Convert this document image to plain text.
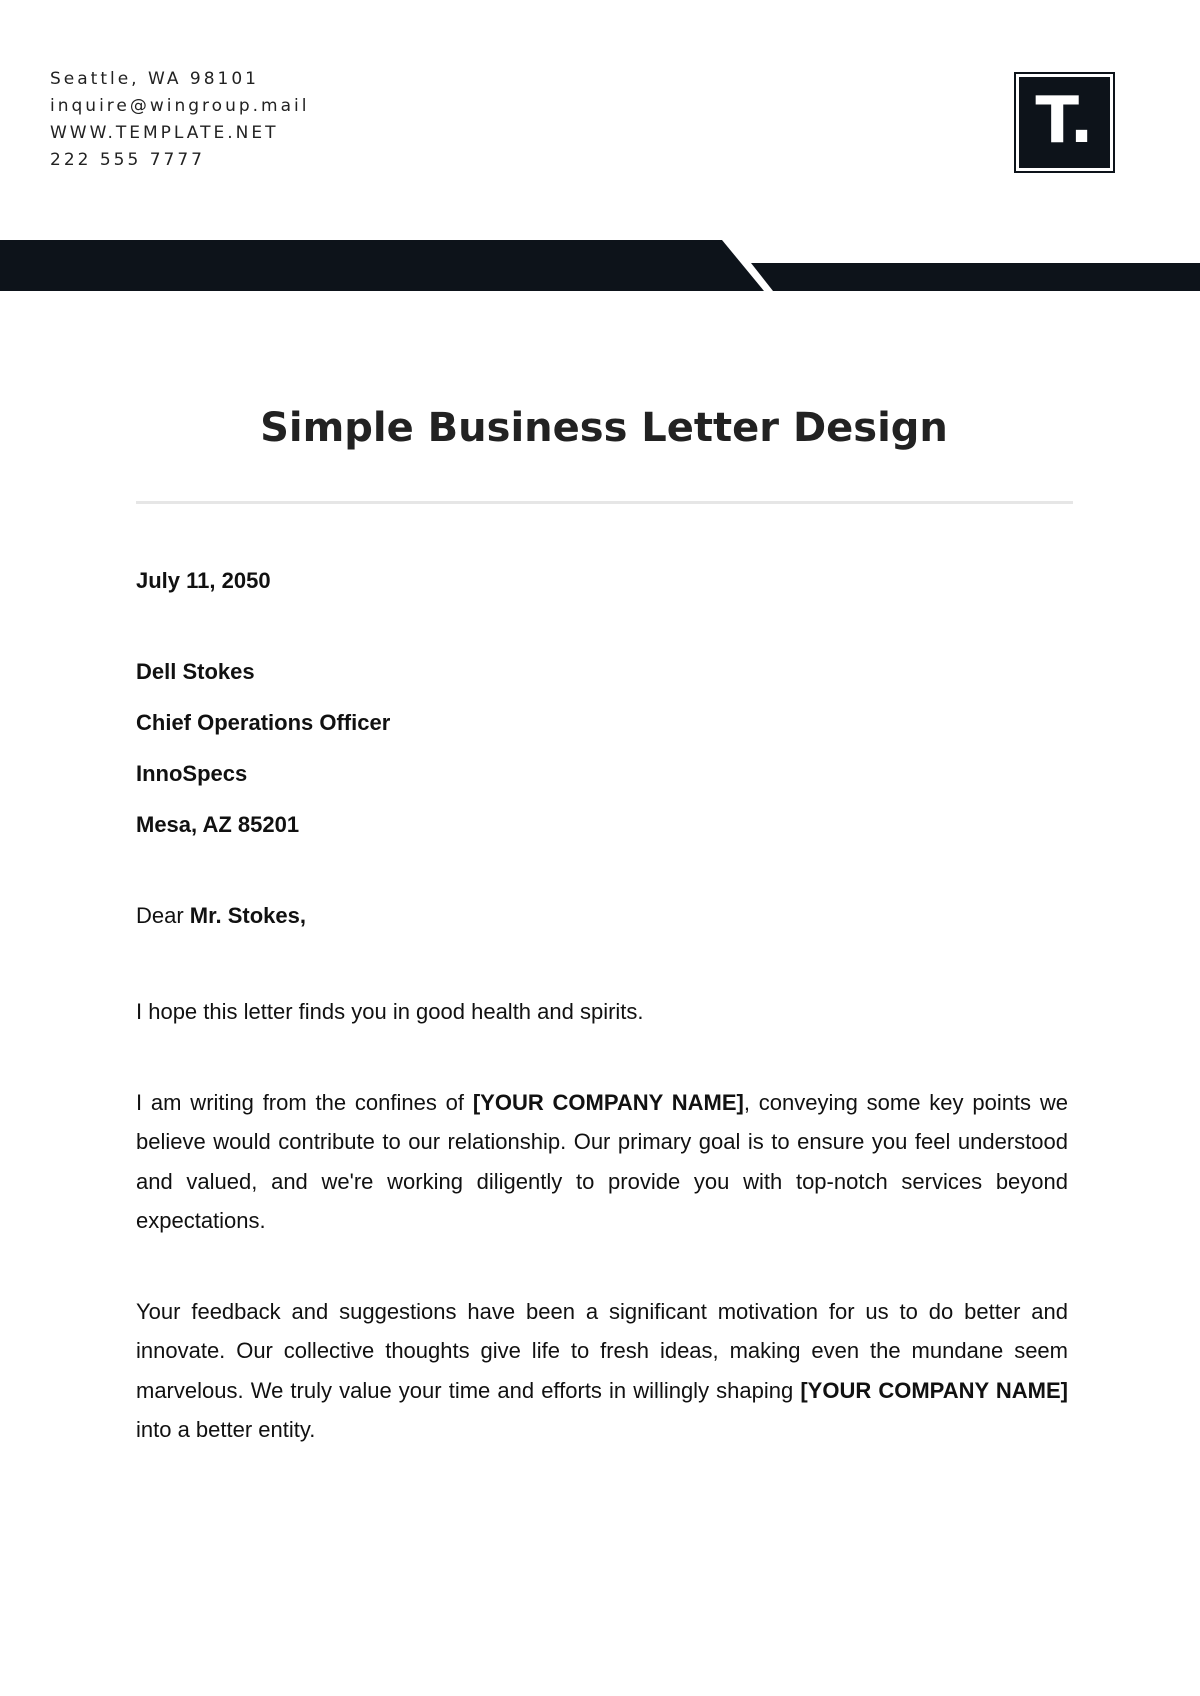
Seattle, WA 98101
inquire@wingroup.mail
WWW.TEMPLATE.NET
222 555 7777
T.
Simple Business Letter Design

July 11, 2050

Dell Stokes

Chief Operations Officer

InnoSpecs

Mesa, AZ 85201

Dear Mr. Stokes,

I hope this letter finds you in good health and spirits.

I am writing from the confines of [YOUR COMPANY NAME], conveying some key points we believe would contribute to our relationship. Our primary goal is to ensure you feel understood and valued, and we're working diligently to provide you with top-notch services beyond expectations.

Your feedback and suggestions have been a significant motivation for us to do better and innovate. Our collective thoughts give life to fresh ideas, making even the mundane seem marvelous. We truly value your time and efforts in willingly shaping [YOUR COMPANY NAME] into a better entity.
